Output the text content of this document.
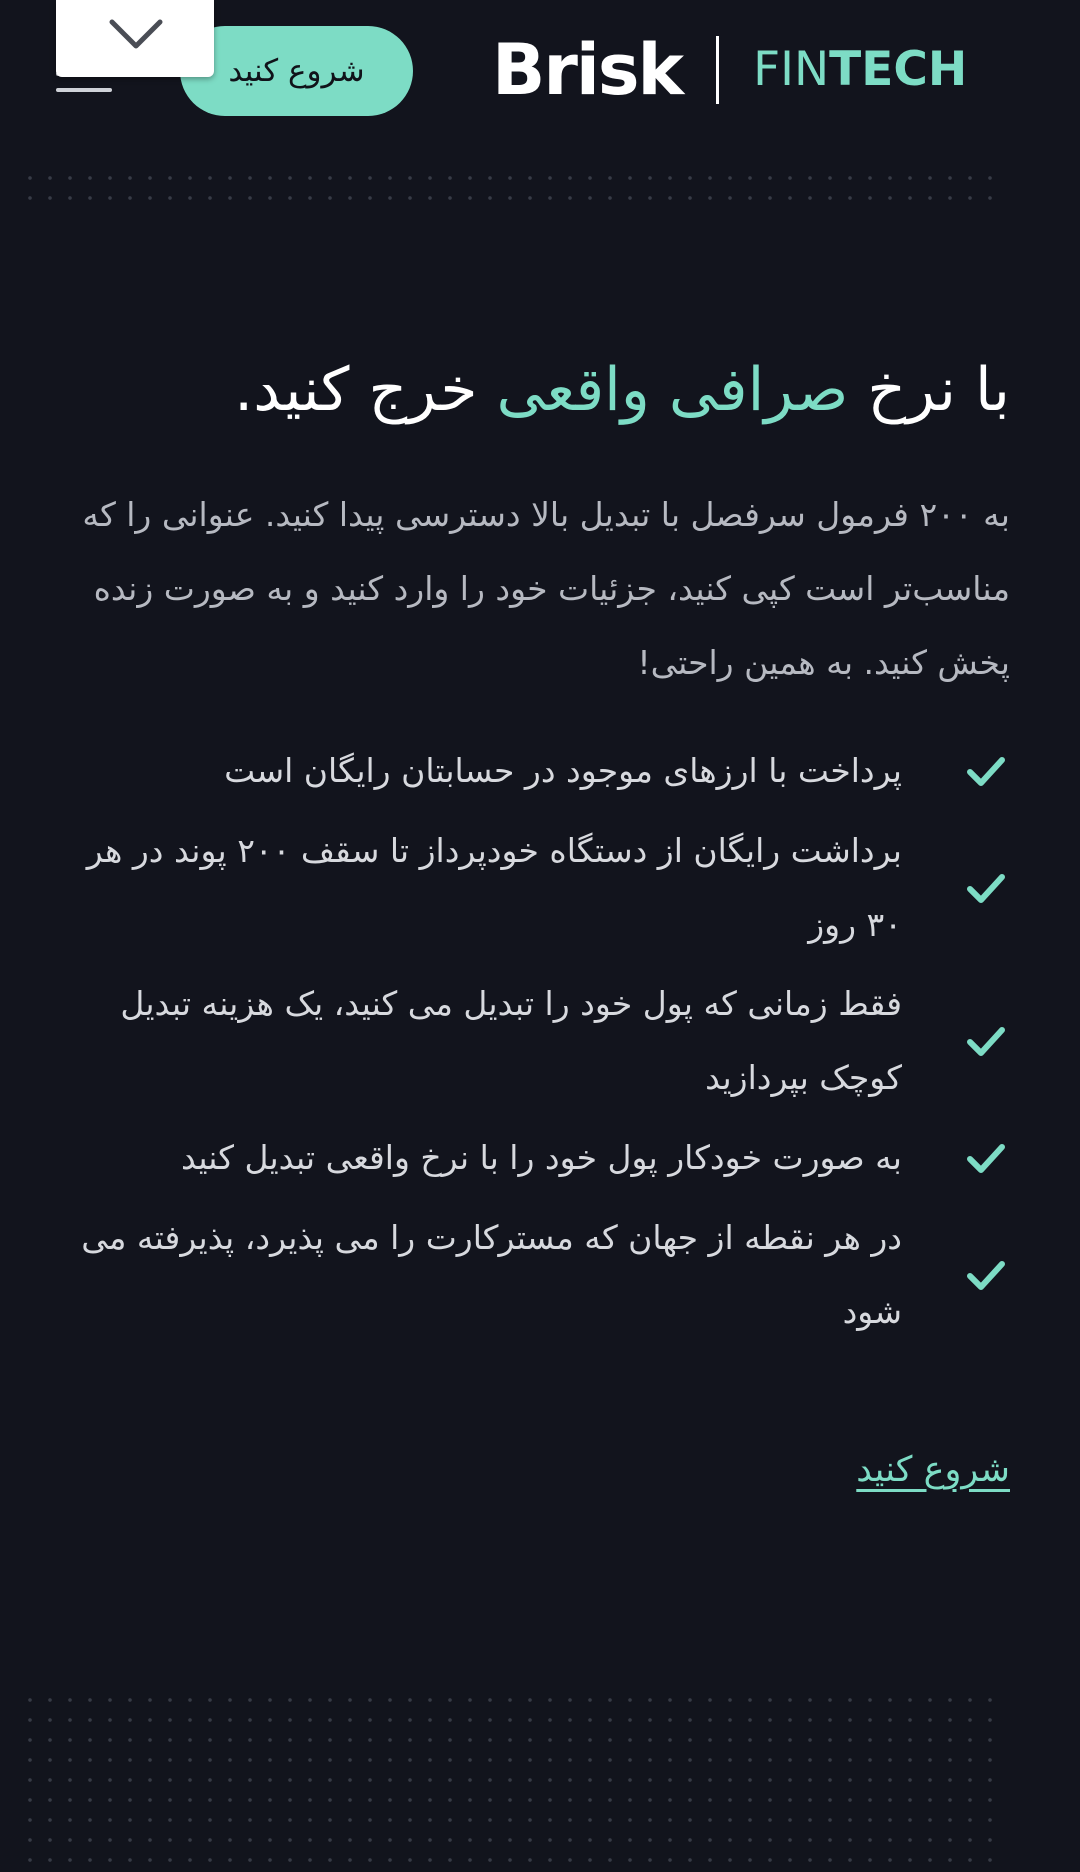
شروع کنید	Brisk FINTECH
با نرخ صرافی واقعی خرج کنید.

به ۲۰۰ فرمول سرفصل با تبدیل بالا دسترسی پیدا کنید. عنوانی را که مناسب‌تر است کپی کنید، جزئیات خود را وارد کنید و به صورت زنده پخش کنید. به همین راحتی!

پرداخت با ارزهای موجود در حسابتان رایگان است
برداشت رایگان از دستگاه خودپرداز تا سقف ۲۰۰ پوند در هر ۳۰ روز
فقط زمانی که پول خود را تبدیل می کنید، یک هزینه تبدیل کوچک بپردازید
به صورت خودکار پول خود را با نرخ واقعی تبدیل کنید
در هر نقطه از جهان که مسترکارت را می پذیرد، پذیرفته می شود
شروع کنید
